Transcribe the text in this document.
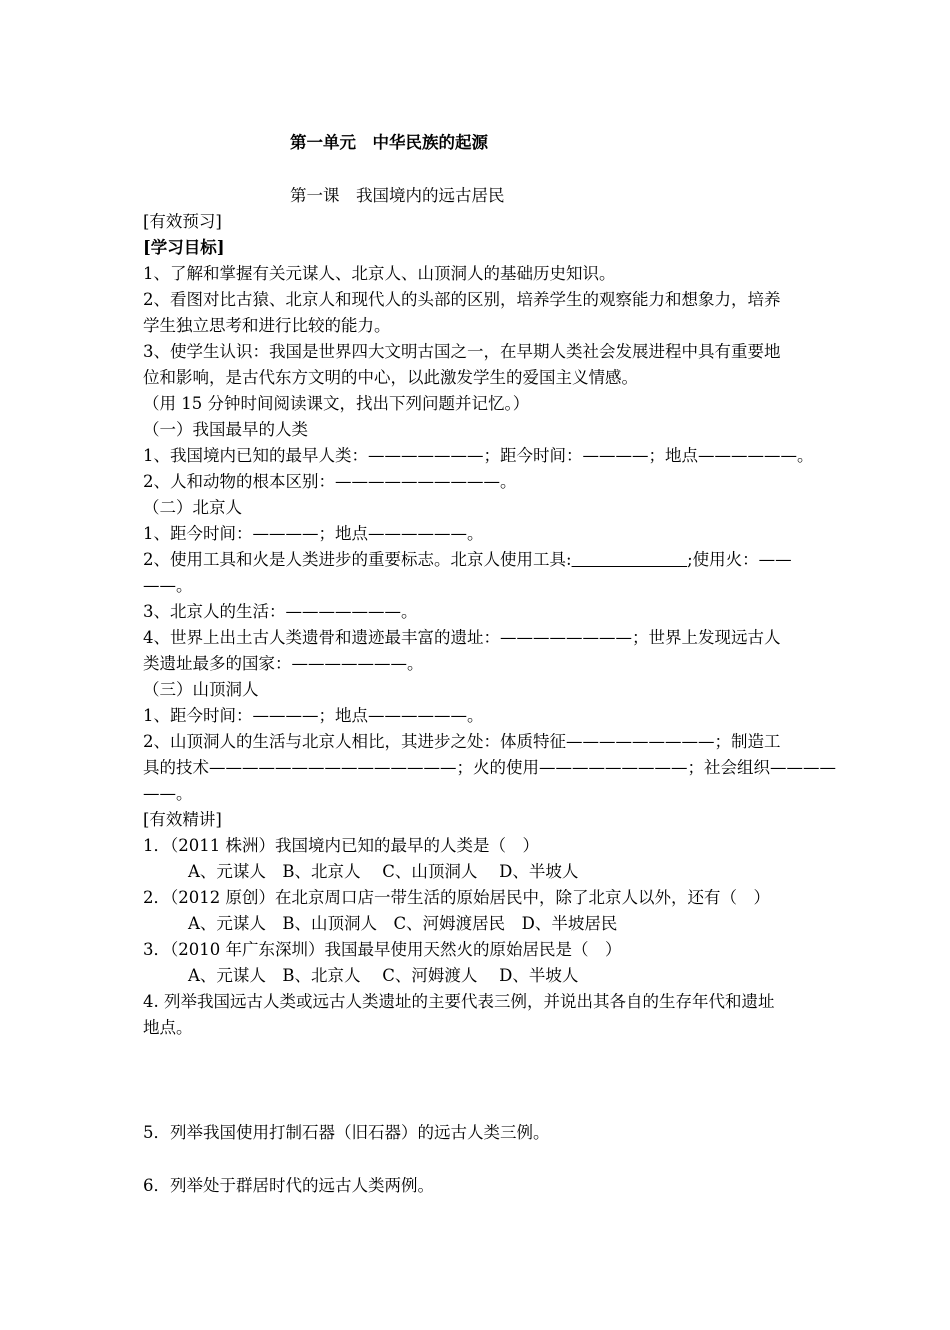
第一单元　中华民族的起源
第一课　我国境内的远古居民
[有效预习]
[学习目标]
1、了解和掌握有关元谋人、北京人、山顶洞人的基础历史知识。
2、看图对比古猿、北京人和现代人的头部的区别，培养学生的观察能力和想象力，培养
学生独立思考和进行比较的能力。
3、使学生认识：我国是世界四大文明古国之一，在早期人类社会发展进程中具有重要地
位和影响，是古代东方文明的中心，以此激发学生的爱国主义情感。
（用 15 分钟时间阅读课文，找出下列问题并记忆。）
（一）我国最早的人类
1、我国境内已知的最早人类：———————；距今时间：————；地点——————。
2、人和动物的根本区别：——————————。
（二）北京人
1、距今时间：————；地点——————。
2、使用工具和火是人类进步的重要标志。北京人使用工具:　　　　　　　	;使用火：——
——。
3、北京人的生活：———————。
4、世界上出土古人类遗骨和遗迹最丰富的遗址：————————；世界上发现远古人
类遗址最多的国家：———————。
（三）山顶洞人
1、距今时间：————；地点——————。
2、山顶洞人的生活与北京人相比，其进步之处：体质特征—————————；制造工
具的技术———————————————；火的使用—————————；社会组织————
——。
[有效精讲]
1．（2011 株洲）我国境内已知的最早的人类是（　）
A、元谋人　B、北京人　 C、山顶洞人　 D、半坡人
2．（2012 原创）在北京周口店一带生活的原始居民中，除了北京人以外，还有（　）
A、元谋人　B、山顶洞人　C、河姆渡居民　D、半坡居民
3．（2010 年广东深圳）我国最早使用天然火的原始居民是（　）
A、元谋人　B、北京人　 C、河姆渡人　 D、半坡人
4. 列举我国远古人类或远古人类遗址的主要代表三例，并说出其各自的生存年代和遗址
地点。
5．列举我国使用打制石器（旧石器）的远古人类三例。
6．列举处于群居时代的远古人类两例。
